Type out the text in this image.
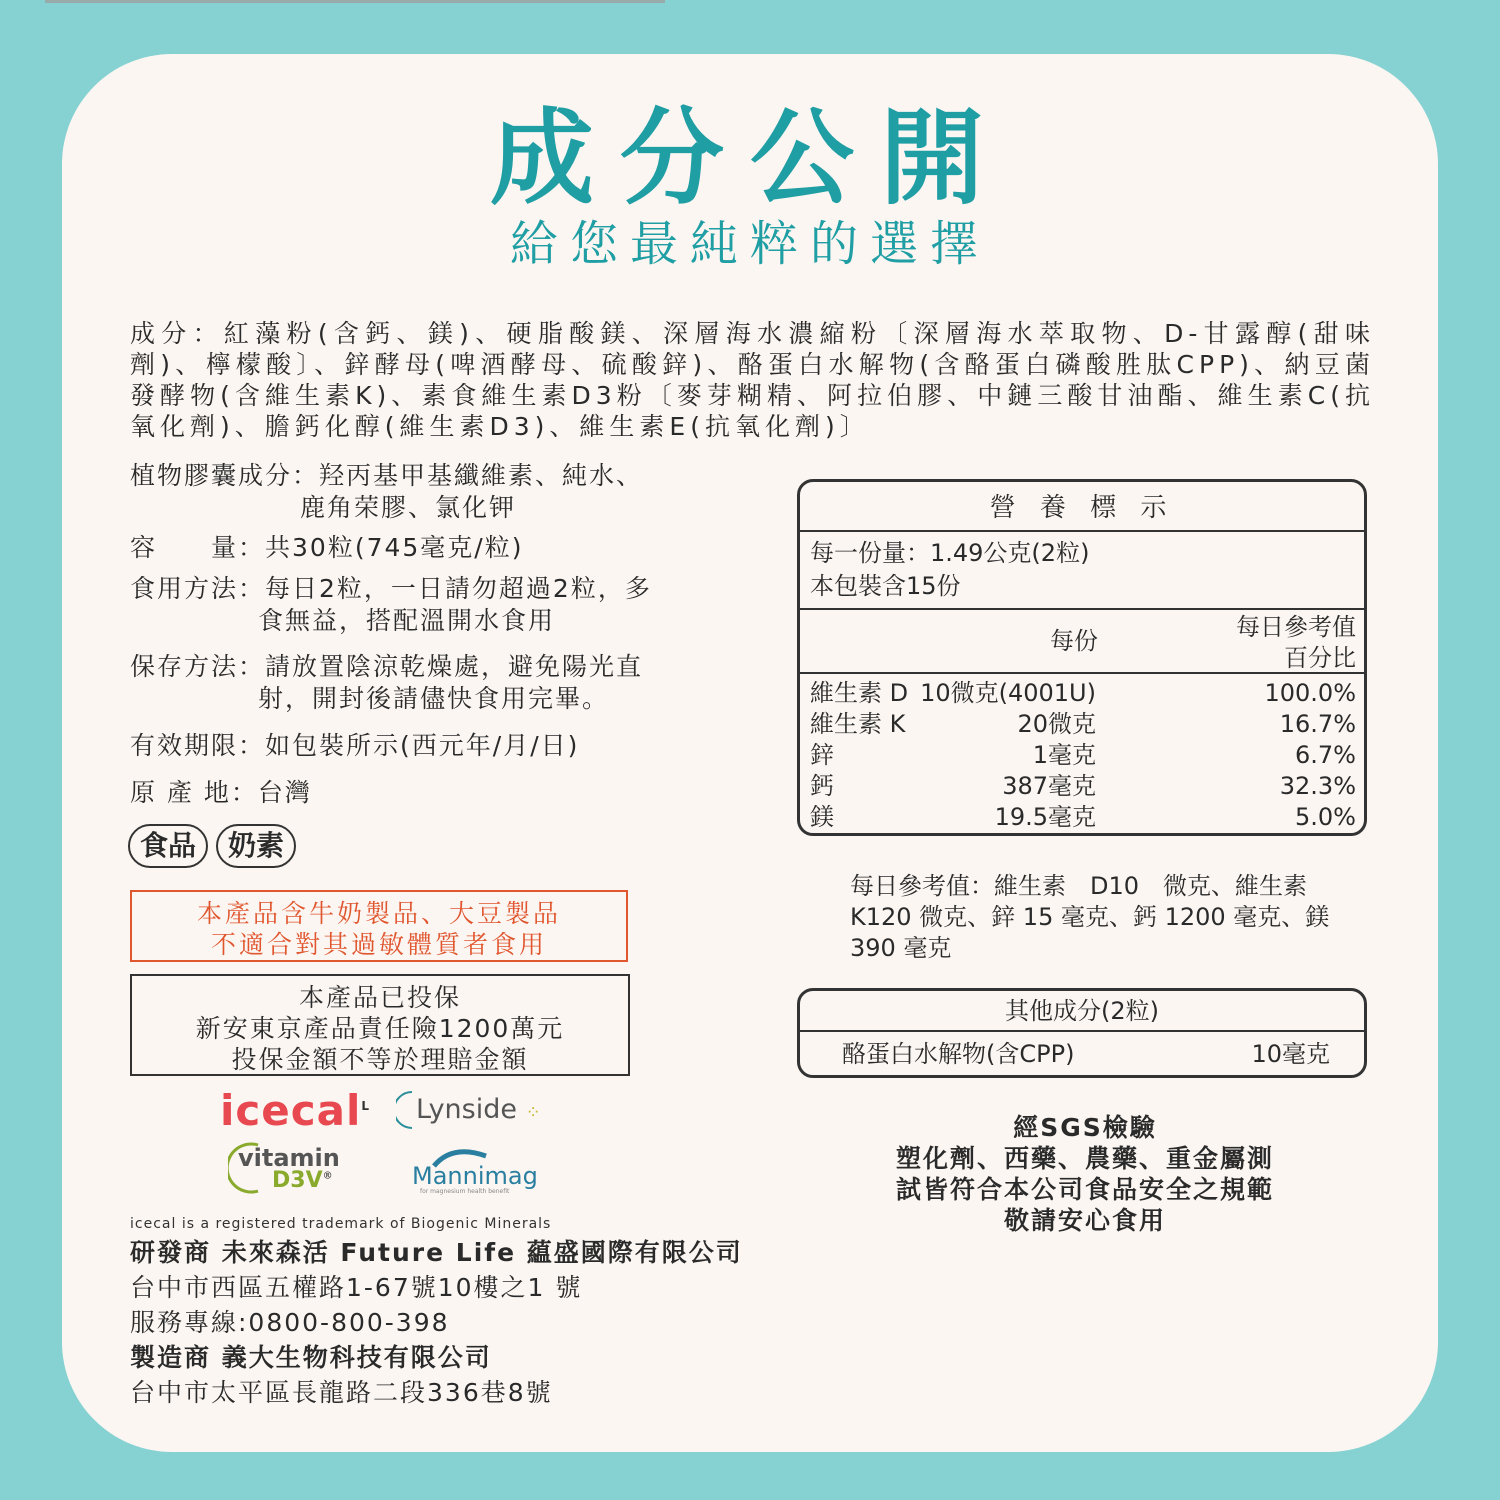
成分公開
給您最純粹的選擇
成分：紅藻粉(含鈣、鎂)、硬脂酸鎂、深層海水濃縮粉〔深層海水萃取物、D-甘露醇(甜味劑)、檸檬酸〕、鋅酵母(啤酒酵母、硫酸鋅)、酪蛋白水解物(含酪蛋白磷酸胜肽CPP)、納豆菌發酵物(含維生素K)、素食維生素D3粉〔麥芽糊精、阿拉伯膠、中鏈三酸甘油酯、維生素C(抗氧化劑)、膽鈣化醇(維生素D3)、維生素E(抗氧化劑)〕
植物膠囊成分：羟丙基甲基纖維素、純水、
鹿角荣膠、氯化钾
容　　量：共30粒(745毫克/粒)
食用方法：每日2粒，一日請勿超過2粒，多
食無益，搭配溫開水食用
保存方法：請放置陰涼乾燥處，避免陽光直
射，開封後請儘快食用完畢。
有效期限：如包裝所示(西元年/月/日)
原 產 地：台灣
食品 奶素
本產品含牛奶製品、大豆製品
不適合對其過敏體質者食用
本產品已投保
新安東京產品責任險1200萬元
投保金額不等於理賠金額
icecal$^L$
vitamin
D3V®
Lynside ⁘
Mannimag
for magnesium health benefit
icecal is a registered trademark of Biogenic Minerals
研發商 未來森活 Future Life 藴盛國際有限公司
台中市西區五權路1-67號10樓之1 號
服務專線:0800-800-398
製造商 義大生物科技有限公司
台中市太平區長龍路二段336巷8號
營 養 標 示
每一份量：1.49公克(2粒)
本包裝含15份
每份	每日參考值
百分比
維生素 D 10微克(4001U)	100.0%
維生素 K	20微克	16.7%
鋅	1毫克	6.7%
鈣	387毫克	32.3%
鎂	19.5毫克	5.0%
每日參考值：維生素　D10　微克、維生素
K120 微克、鋅 15 毫克、鈣 1200 毫克、鎂
390 毫克
其他成分(2粒)
酪蛋白水解物(含CPP)	10毫克
經SGS檢驗
塑化劑、西藥、農藥、重金屬測
試皆符合本公司食品安全之規範
敬請安心食用
